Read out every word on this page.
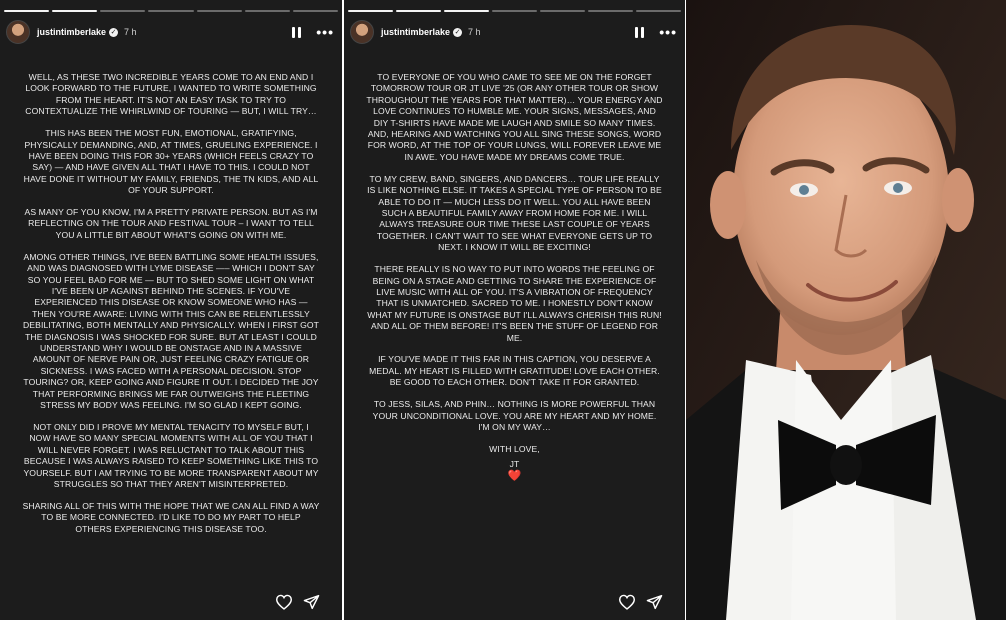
justintimberlake ✓ 7 h	•••

WELL, AS THESE TWO INCREDIBLE YEARS COME TO AN END AND I LOOK FORWARD TO THE FUTURE, I WANTED TO WRITE SOMETHING FROM THE HEART. IT'S NOT AN EASY TASK TO TRY TO CONTEXTUALIZE THE WHIRLWIND OF TOURING — BUT, I WILL TRY…

THIS HAS BEEN THE MOST FUN, EMOTIONAL, GRATIFYING, PHYSICALLY DEMANDING, AND, AT TIMES, GRUELING EXPERIENCE. I HAVE BEEN DOING THIS FOR 30+ YEARS (WHICH FEELS CRAZY TO SAY) — AND HAVE GIVEN ALL THAT I HAVE TO THIS. I COULD NOT HAVE DONE IT WITHOUT MY FAMILY, FRIENDS, THE TN KIDS, AND ALL OF YOUR SUPPORT.

AS MANY OF YOU KNOW, I'M A PRETTY PRIVATE PERSON. BUT AS I'M REFLECTING ON THE TOUR AND FESTIVAL TOUR – I WANT TO TELL YOU A LITTLE BIT ABOUT WHAT'S GOING ON WITH ME.

AMONG OTHER THINGS, I'VE BEEN BATTLING SOME HEALTH ISSUES, AND WAS DIAGNOSED WITH LYME DISEASE —– WHICH I DON'T SAY SO YOU FEEL BAD FOR ME — BUT TO SHED SOME LIGHT ON WHAT I'VE BEEN UP AGAINST BEHIND THE SCENES. IF YOU'VE EXPERIENCED THIS DISEASE OR KNOW SOMEONE WHO HAS — THEN YOU'RE AWARE: LIVING WITH THIS CAN BE RELENTLESSLY DEBILITATING, BOTH MENTALLY AND PHYSICALLY. WHEN I FIRST GOT THE DIAGNOSIS I WAS SHOCKED FOR SURE. BUT AT LEAST I COULD UNDERSTAND WHY I WOULD BE ONSTAGE AND IN A MASSIVE AMOUNT OF NERVE PAIN OR, JUST FEELING CRAZY FATIGUE OR SICKNESS. I WAS FACED WITH A PERSONAL DECISION. STOP TOURING? OR, KEEP GOING AND FIGURE IT OUT. I DECIDED THE JOY THAT PERFORMING BRINGS ME FAR OUTWEIGHS THE FLEETING STRESS MY BODY WAS FEELING. I'M SO GLAD I KEPT GOING.

NOT ONLY DID I PROVE MY MENTAL TENACITY TO MYSELF BUT, I NOW HAVE SO MANY SPECIAL MOMENTS WITH ALL OF YOU THAT I WILL NEVER FORGET. I WAS RELUCTANT TO TALK ABOUT THIS BECAUSE I WAS ALWAYS RAISED TO KEEP SOMETHING LIKE THIS TO YOURSELF. BUT I AM TRYING TO BE MORE TRANSPARENT ABOUT MY STRUGGLES SO THAT THEY AREN'T MISINTERPRETED.

SHARING ALL OF THIS WITH THE HOPE THAT WE CAN ALL FIND A WAY TO BE MORE CONNECTED. I'D LIKE TO DO MY PART TO HELP OTHERS EXPERIENCING THIS DISEASE TOO.

justintimberlake ✓ 7 h	•••

TO EVERYONE OF YOU WHO CAME TO SEE ME ON THE FORGET TOMORROW TOUR OR JT LIVE '25 (OR ANY OTHER TOUR OR SHOW THROUGHOUT THE YEARS FOR THAT MATTER)… YOUR ENERGY AND LOVE CONTINUES TO HUMBLE ME. YOUR SIGNS, MESSAGES, AND DIY T-SHIRTS HAVE MADE ME LAUGH AND SMILE SO MANY TIMES. AND, HEARING AND WATCHING YOU ALL SING THESE SONGS, WORD FOR WORD, AT THE TOP OF YOUR LUNGS, WILL FOREVER LEAVE ME IN AWE. YOU HAVE MADE MY DREAMS COME TRUE.

TO MY CREW, BAND, SINGERS, AND DANCERS… TOUR LIFE REALLY IS LIKE NOTHING ELSE. IT TAKES A SPECIAL TYPE OF PERSON TO BE ABLE TO DO IT — MUCH LESS DO IT WELL. YOU ALL HAVE BEEN SUCH A BEAUTIFUL FAMILY AWAY FROM HOME FOR ME. I WILL ALWAYS TREASURE OUR TIME THESE LAST COUPLE OF YEARS TOGETHER. I CAN'T WAIT TO SEE WHAT EVERYONE GETS UP TO NEXT. I KNOW IT WILL BE EXCITING!

THERE REALLY IS NO WAY TO PUT INTO WORDS THE FEELING OF BEING ON A STAGE AND GETTING TO SHARE THE EXPERIENCE OF LIVE MUSIC WITH ALL OF YOU. IT'S A VIBRATION OF FREQUENCY THAT IS UNMATCHED. SACRED TO ME. I HONESTLY DON'T KNOW WHAT MY FUTURE IS ONSTAGE BUT I'LL ALWAYS CHERISH THIS RUN! AND ALL OF THEM BEFORE! IT'S BEEN THE STUFF OF LEGEND FOR ME.

IF YOU'VE MADE IT THIS FAR IN THIS CAPTION, YOU DESERVE A MEDAL. MY HEART IS FILLED WITH GRATITUDE! LOVE EACH OTHER. BE GOOD TO EACH OTHER. DON'T TAKE IT FOR GRANTED.

TO JESS, SILAS, AND PHIN… NOTHING IS MORE POWERFUL THAN YOUR UNCONDITIONAL LOVE. YOU ARE MY HEART AND MY HOME. I'M ON MY WAY…

WITH LOVE,

JT

❤️
